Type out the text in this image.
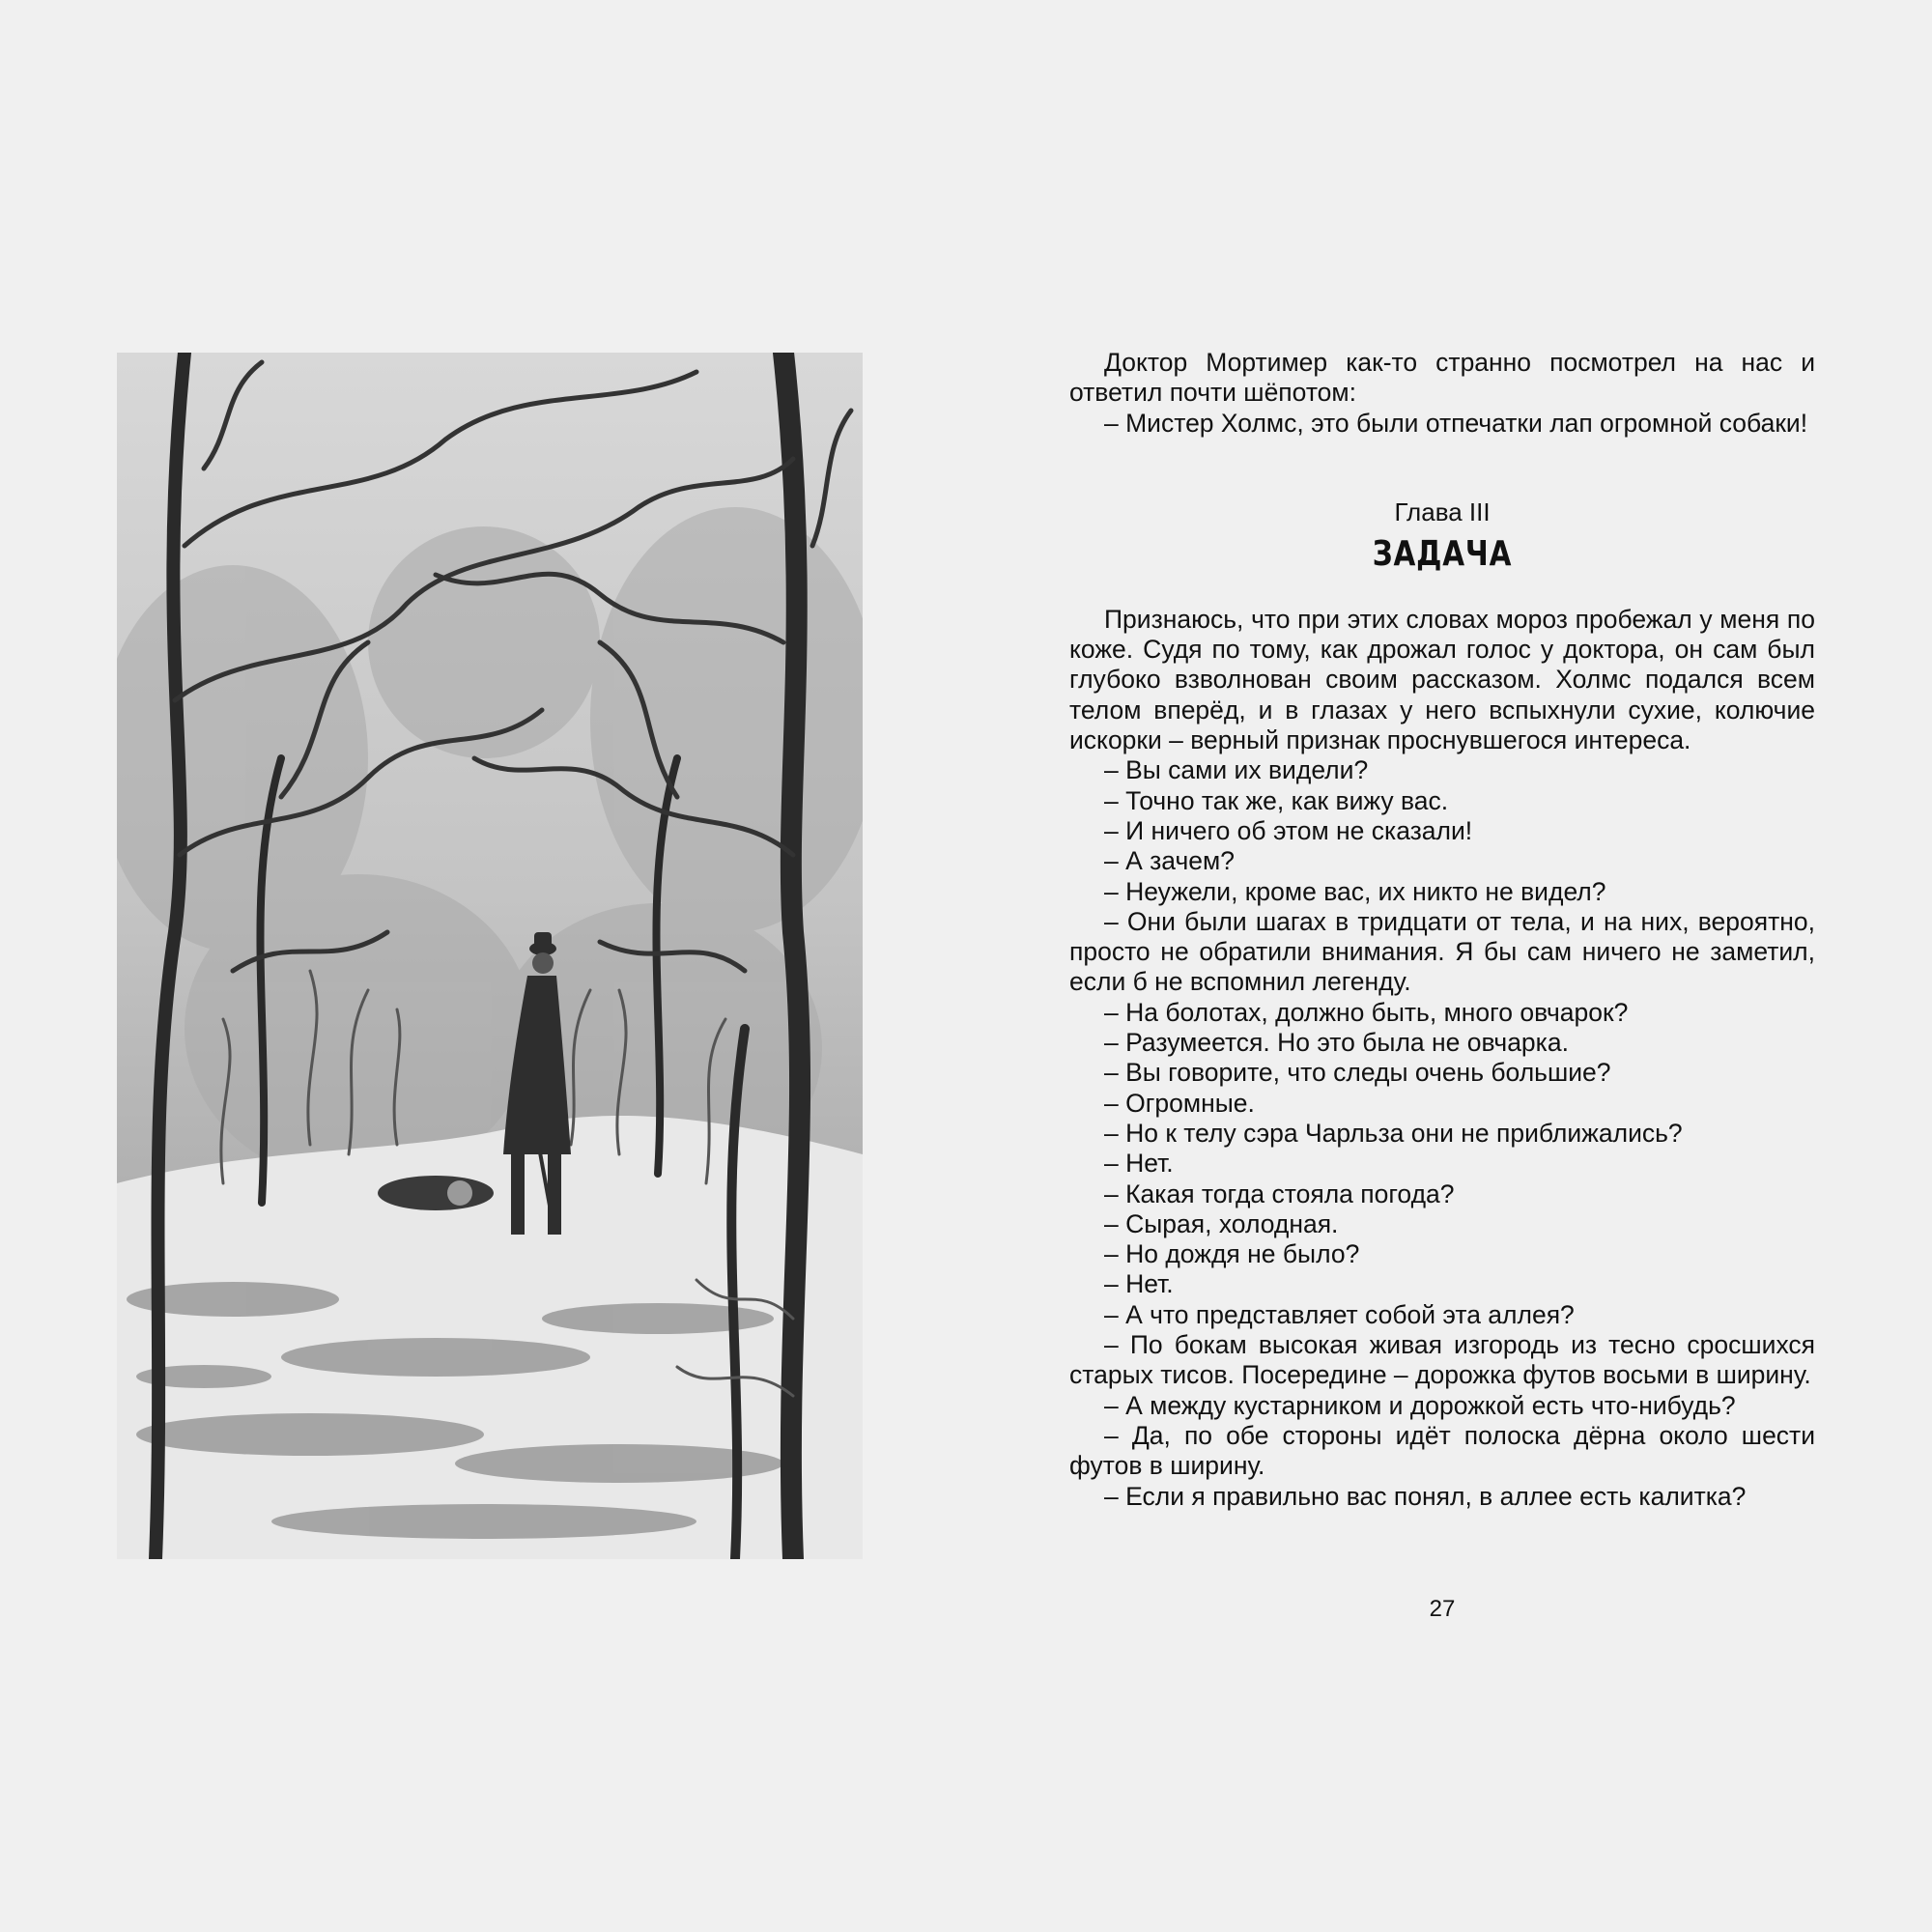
Доктор Мортимер как-то странно посмотрел на нас и ответил почти шёпотом:

– Мистер Холмс, это были отпечатки лап огромной собаки!

Глава III
ЗАДАЧА

Признаюсь, что при этих словах мороз пробежал у меня по коже. Судя по тому, как дрожал голос у доктора, он сам был глубоко взволнован своим рассказом. Холмс подался всем телом вперёд, и в глазах у него вспыхнули сухие, колючие искорки – верный признак проснувшегося интереса.

– Вы сами их видели?

– Точно так же, как вижу вас.

– И ничего об этом не сказали!

– А зачем?

– Неужели, кроме вас, их никто не видел?

– Они были шагах в тридцати от тела, и на них, вероятно, просто не обратили внимания. Я бы сам ничего не заметил, если б не вспомнил легенду.

– На болотах, должно быть, много овчарок?

– Разумеется. Но это была не овчарка.

– Вы говорите, что следы очень большие?

– Огромные.

– Но к телу сэра Чарльза они не приближались?

– Нет.

– Какая тогда стояла погода?

– Сырая, холодная.

– Но дождя не было?

– Нет.

– А что представляет собой эта аллея?

– По бокам высокая живая изгородь из тесно сросшихся старых тисов. Посередине – дорожка футов восьми в ширину.

– А между кустарником и дорожкой есть что-нибудь?

– Да, по обе стороны идёт полоска дёрна около шести футов в ширину.

– Если я правильно вас понял, в аллее есть калитка?

27
